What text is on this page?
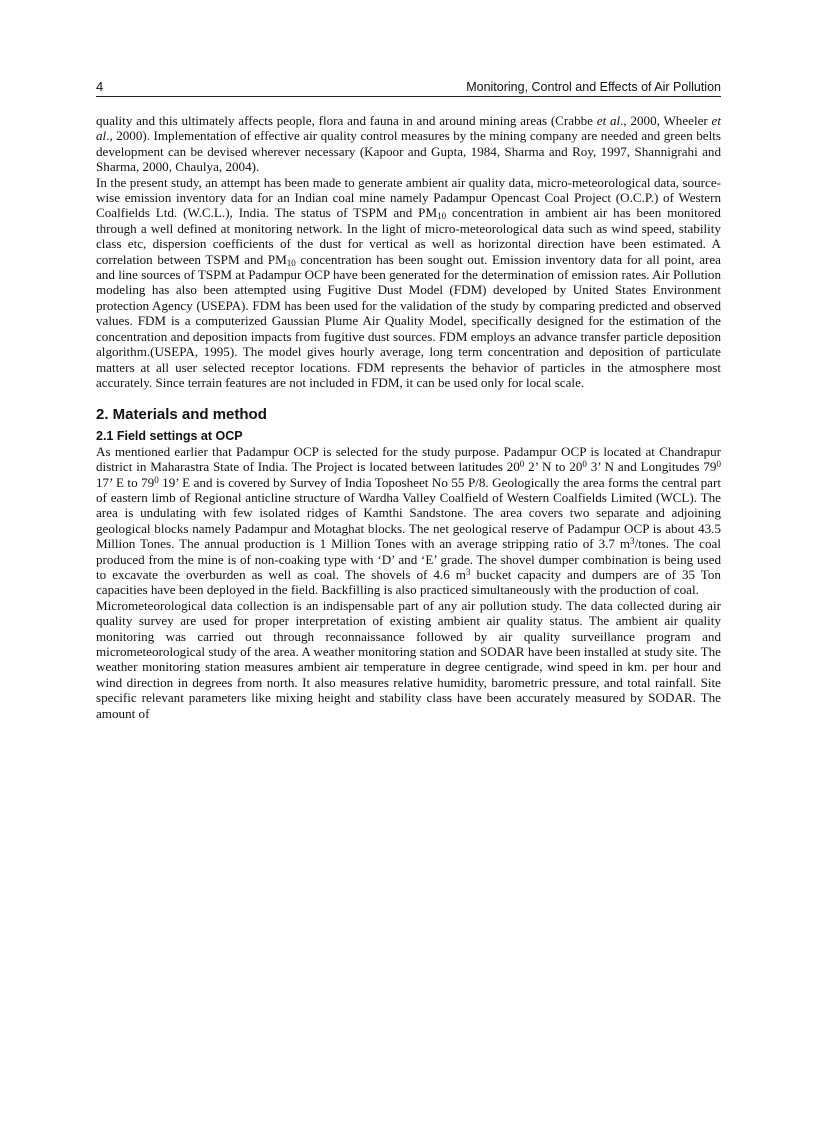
4	Monitoring, Control and Effects of Air Pollution

quality and this ultimately affects people, flora and fauna in and around mining areas (Crabbe et al., 2000, Wheeler et al., 2000). Implementation of effective air quality control measures by the mining company are needed and green belts development can be devised wherever necessary (Kapoor and Gupta, 1984, Sharma and Roy, 1997, Shannigrahi and Sharma, 2000, Chaulya, 2004).

In the present study, an attempt has been made to generate ambient air quality data, micro-meteorological data, source-wise emission inventory data for an Indian coal mine namely Padampur Opencast Coal Project (O.C.P.) of Western Coalfields Ltd. (W.C.L.), India. The status of TSPM and $PM_{10}$ concentration in ambient air has been monitored through a well defined at monitoring network. In the light of micro-meteorological data such as wind speed, stability class etc, dispersion coefficients of the dust for vertical as well as horizontal direction have been estimated. A correlation between TSPM and $PM_{10}$ concentration has been sought out. Emission inventory data for all point, area and line sources of TSPM at Padampur OCP have been generated for the determination of emission rates. Air Pollution modeling has also been attempted using Fugitive Dust Model (FDM) developed by United States Environment protection Agency (USEPA). FDM has been used for the validation of the study by comparing predicted and observed values. FDM is a computerized Gaussian Plume Air Quality Model, specifically designed for the estimation of the concentration and deposition impacts from fugitive dust sources. FDM employs an advance transfer particle deposition algorithm.(USEPA, 1995). The model gives hourly average, long term concentration and deposition of particulate matters at all user selected receptor locations. FDM represents the behavior of particles in the atmosphere most accurately. Since terrain features are not included in FDM, it can be used only for local scale.

2. Materials and method
2.1 Field settings at OCP

As mentioned earlier that Padampur OCP is selected for the study purpose. Padampur OCP is located at Chandrapur district in Maharastra State of India. The Project is located between latitudes $20^0$ 2’ N to $20^0$ 3’ N and Longitudes $79^0$ 17’ E to $79^0$ 19’ E and is covered by Survey of India Toposheet No 55 P/8. Geologically the area forms the central part of eastern limb of Regional anticline structure of Wardha Valley Coalfield of Western Coalfields Limited (WCL). The area is undulating with few isolated ridges of Kamthi Sandstone. The area covers two separate and adjoining geological blocks namely Padampur and Motaghat blocks. The net geological reserve of Padampur OCP is about 43.5 Million Tones. The annual production is 1 Million Tones with an average stripping ratio of 3.7 $m^3$/tones. The coal produced from the mine is of non-coaking type with ‘D’ and ‘E’ grade. The shovel dumper combination is being used to excavate the overburden as well as coal. The shovels of 4.6 $m^3$ bucket capacity and dumpers are of 35 Ton capacities have been deployed in the field. Backfilling is also practiced simultaneously with the production of coal.

Micrometeorological data collection is an indispensable part of any air pollution study. The data collected during air quality survey are used for proper interpretation of existing ambient air quality status. The ambient air quality monitoring was carried out through reconnaissance followed by air quality surveillance program and micrometeorological study of the area. A weather monitoring station and SODAR have been installed at study site. The weather monitoring station measures ambient air temperature in degree centigrade, wind speed in km. per hour and wind direction in degrees from north. It also measures relative humidity, barometric pressure, and total rainfall. Site specific relevant parameters like mixing height and stability class have been accurately measured by SODAR. The amount of
